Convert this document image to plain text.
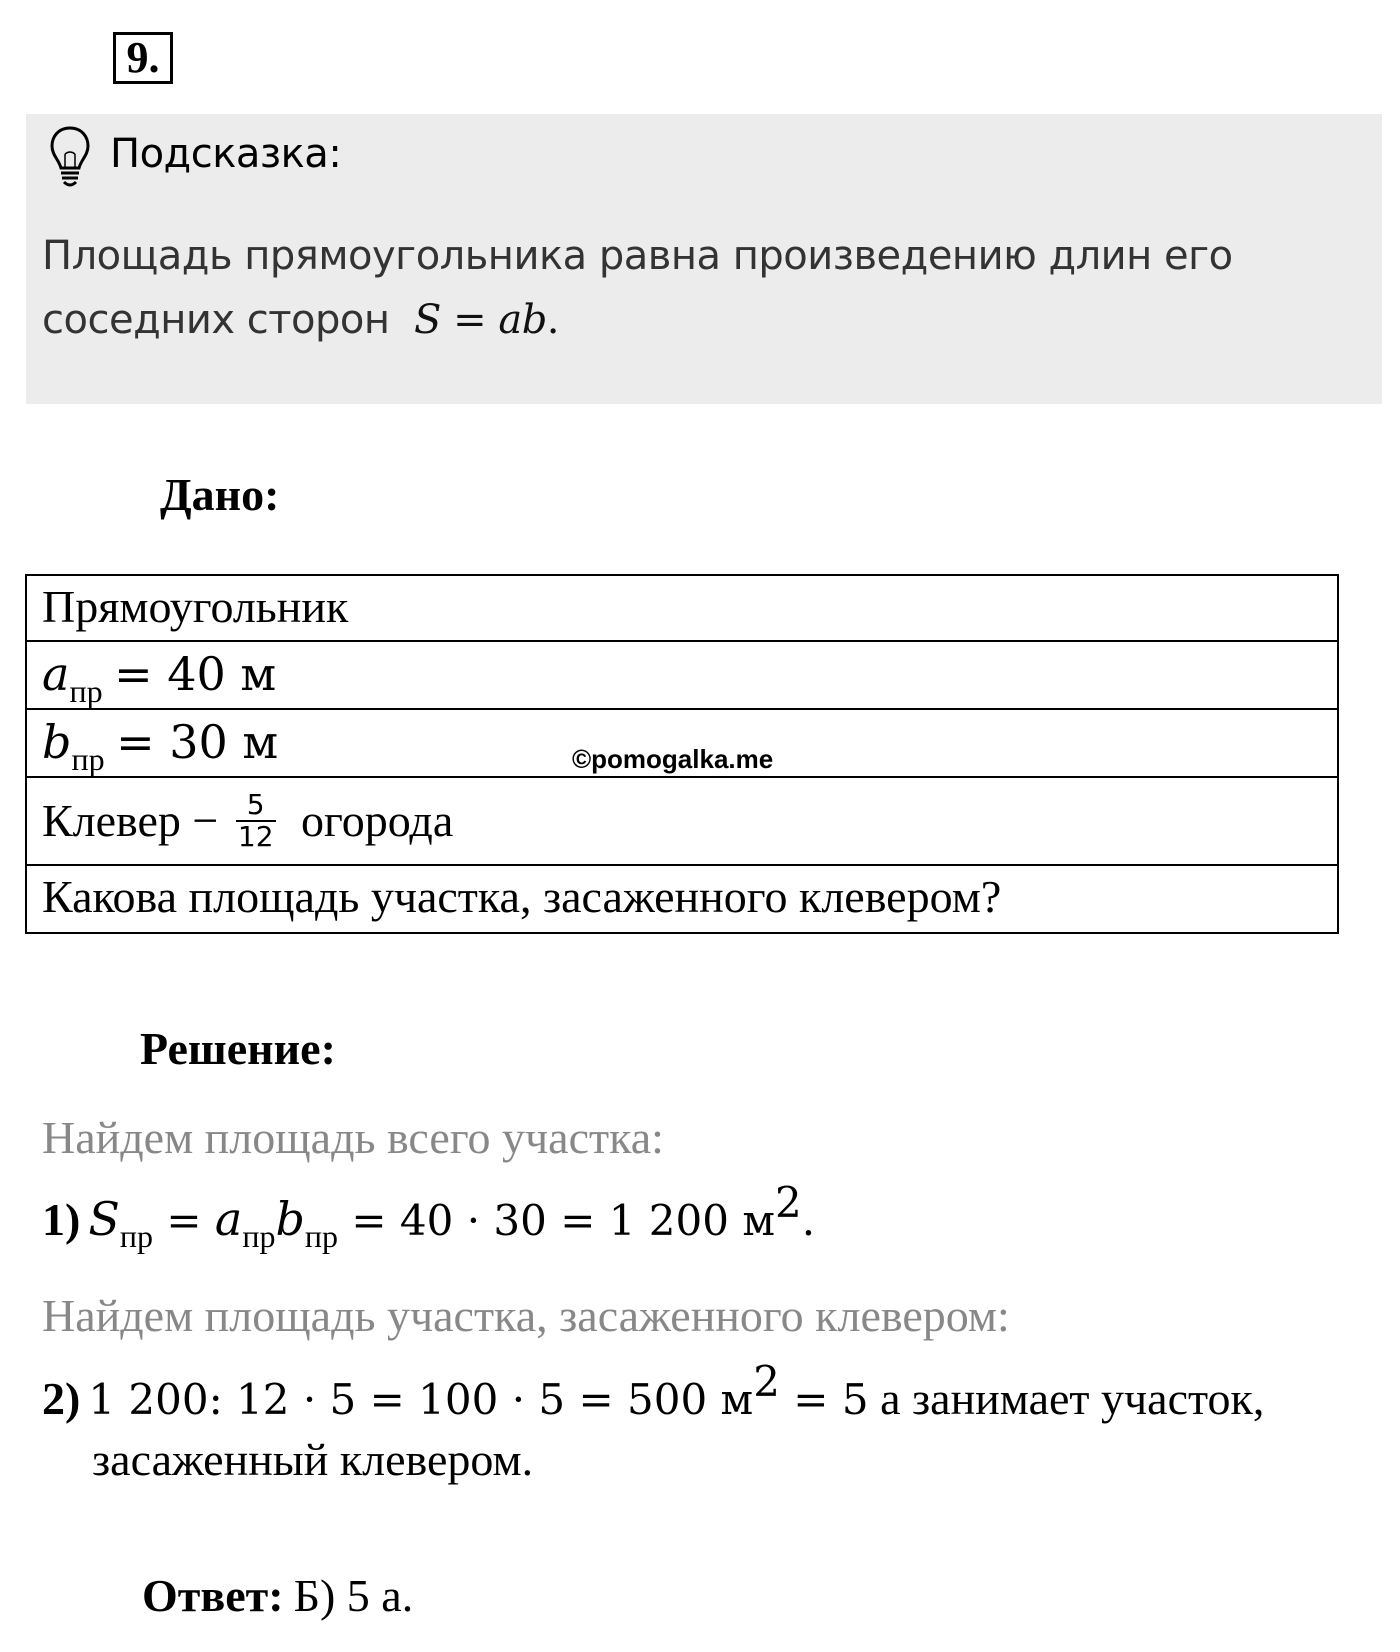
9.
Подсказка:
Площадь прямоугольника равна произведению длин его соседних сторон S = ab.
Дано:
Прямоугольник
$a_{пр} = 40$ м
$b_{пр} = 30$ м
Клевер − $\frac{5}{12}$ огорода
Какова площадь участка, засаженного клевером?
©pomogalka.me
Решение:
Найдем площадь всего участка:
1) $S_{пр} = a_{пр}b_{пр} = 40 \cdot 30 = 1$ 200 $м^2$.
Найдем площадь участка, засаженного клевером:
2) 1 200: 12 · 5 = 100 · 5 = 500 $м^2 = 5$ а занимает участок,
засаженный клевером.
Ответ: Б) 5 а.
